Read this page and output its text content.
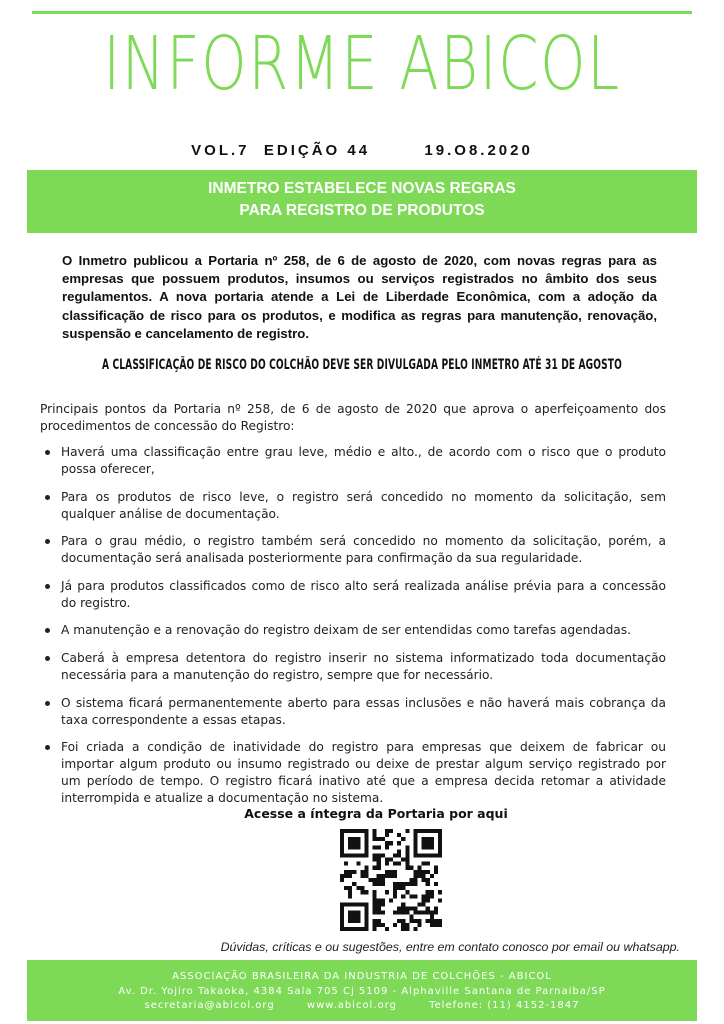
INFORME ABICOL
VOL.7 EDIÇÃO 44	19.O8.2020
INMETRO ESTABELECE NOVAS REGRAS
PARA REGISTRO DE PRODUTOS

O Inmetro publicou a Portaria nº 258, de 6 de agosto de 2020, com novas regras para as empresas que possuem produtos, insumos ou serviços registrados no âmbito dos seus regulamentos. A nova portaria atende a Lei de Liberdade Econômica, com a adoção da classificação de risco para os produtos, e modifica as regras para manutenção, renovação, suspensão e cancelamento de registro.

A CLASSIFICAÇÃO DE RISCO DO COLCHÃO DEVE SER DIVULGADA PELO INMETRO ATÉ 31 DE AGOSTO

Principais pontos da Portaria nº 258, de 6 de agosto de 2020 que aprova o aperfeiçoamento dos procedimentos de concessão do Registro:

Haverá uma classificação entre grau leve, médio e alto., de acordo com o risco que o produto possa oferecer,
Para os produtos de risco leve, o registro será concedido no momento da solicitação, sem qualquer análise de documentação.
Para o grau médio, o registro também será concedido no momento da solicitação, porém, a documentação será analisada posteriormente para confirmação da sua regularidade.
Já para produtos classificados como de risco alto será realizada análise prévia para a concessão do registro.
A manutenção e a renovação do registro deixam de ser entendidas como tarefas agendadas.
Caberá à empresa detentora do registro inserir no sistema informatizado toda documentação necessária para a manutenção do registro, sempre que for necessário.
O sistema ficará permanentemente aberto para essas inclusões e não haverá mais cobrança da taxa correspondente a essas etapas.
Foi criada a condição de inatividade do registro para empresas que deixem de fabricar ou importar algum produto ou insumo registrado ou deixe de prestar algum serviço registrado por um período de tempo. O registro ficará inativo até que a empresa decida retomar a atividade interrompida e atualize a documentação no sistema.
Acesse a íntegra da Portaria por aqui
Dúvidas, críticas e ou sugestões, entre em contato conosco por email ou whatsapp.
ASSOCIAÇÃO BRASILEIRA DA INDUSTRIA DE COLCHÕES - ABICOL
Av. Dr. Yojiro Takaoka, 4384 Sala 705 Cj 5109 - Alphaville Santana de Parnaiba/SP
secretaria@abicol.org	www.abicol.org	Telefone: (11) 4152-1847
